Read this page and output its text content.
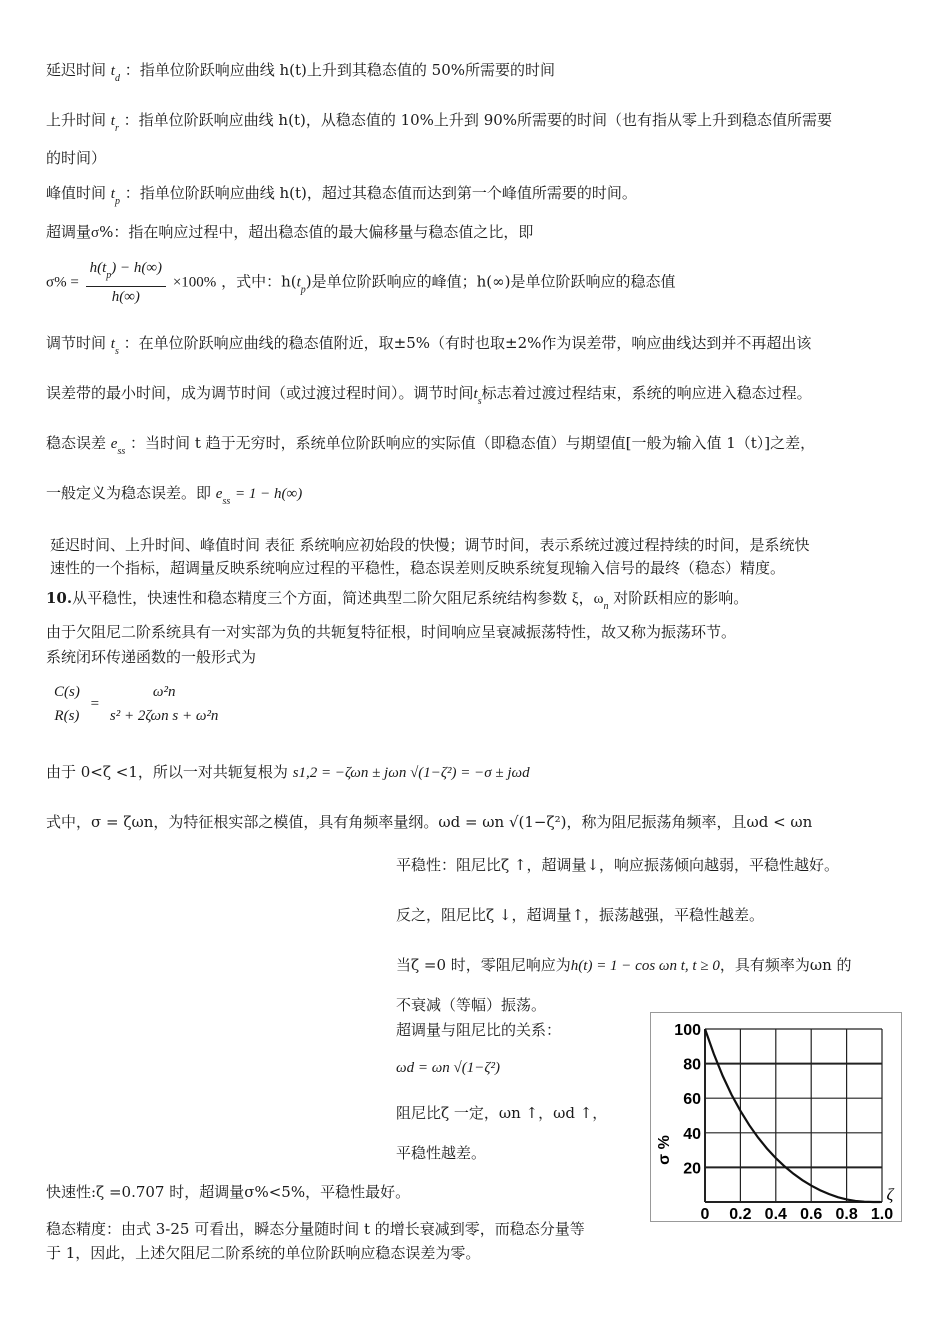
延迟时间 $t_d$ ：指单位阶跃响应曲线 h(t)上升到其稳态值的 50%所需要的时间
上升时间 $t_r$ ：指单位阶跃响应曲线 h(t)，从稳态值的 10%上升到 90%所需要的时间（也有指从零上升到稳态值所需要
的时间）
峰值时间 $t_p$ ：指单位阶跃响应曲线 h(t)，超过其稳态值而达到第一个峰值所需要的时间。
超调量σ%：指在响应过程中，超出稳态值的最大偏移量与稳态值之比，即
$\sigma\% = \frac{h(t_p) - h(\infty)}{h(\infty)} \times 100\%$ ，式中：$h(t_p)$是单位阶跃响应的峰值；h(∞)是单位阶跃响应的稳态值
调节时间 $t_s$ ：在单位阶跃响应曲线的稳态值附近，取±5%（有时也取±2%作为误差带，响应曲线达到并不再超出该
误差带的最小时间，成为调节时间（或过渡过程时间）。调节时间$t_s$标志着过渡过程结束，系统的响应进入稳态过程。
稳态误差 $e_{ss}$ ：当时间 t 趋于无穷时，系统单位阶跃响应的实际值（即稳态值）与期望值[一般为输入值 1（t）]之差，
一般定义为稳态误差。即 $e_{ss} = 1 - h(\infty)$
延迟时间、上升时间、峰值时间 表征 系统响应初始段的快慢；调节时间，表示系统过渡过程持续的时间，是系统快
速性的一个指标，超调量反映系统响应过程的平稳性，稳态误差则反映系统复现输入信号的最终（稳态）精度。
10.从平稳性，快速性和稳态精度三个方面，简述典型二阶欠阻尼系统结构参数 ξ，$\omega_n$ 对阶跃相应的影响。
由于欠阻尼二阶系统具有一对实部为负的共轭复特征根，时间响应呈衰减振荡特性，故又称为振荡环节。
系统闭环传递函数的一般形式为
C(s)
R(s)
=
ω²n
s² + 2ζωn s + ω²n
由于 0<ζ <1，所以一对共轭复根为 s1,2 = −ζωn ± jωn √(1−ζ²) = −σ ± jωd
式中，σ = ζωn，为特征根实部之模值，具有角频率量纲。ωd = ωn √(1−ζ²)，称为阻尼振荡角频率，且ωd < ωn
平稳性：阻尼比ζ ↑，超调量↓，响应振荡倾向越弱，平稳性越好。
反之，阻尼比ζ ↓，超调量↑，振荡越强，平稳性越差。
当ζ =0 时，零阻尼响应为h(t) = 1 − cos ωn t, t ≥ 0，具有频率为ωn 的
不衰减（等幅）振荡。
超调量与阻尼比的关系：
ωd = ωn √(1−ζ²)
阻尼比ζ 一定，ωn ↑，ωd ↑，
平稳性越差。
快速性:ζ =0.707 时，超调量σ%<5%，平稳性最好。
稳态精度：由式 3-25 可看出，瞬态分量随时间 t 的增长衰减到零，而稳态分量等
于 1，因此，上述欠阻尼二阶系统的单位阶跃响应稳态误差为零。
20
40
60
80
100
0 0.2 0.4 0.6 0.8 1.0
σ %
ζ
